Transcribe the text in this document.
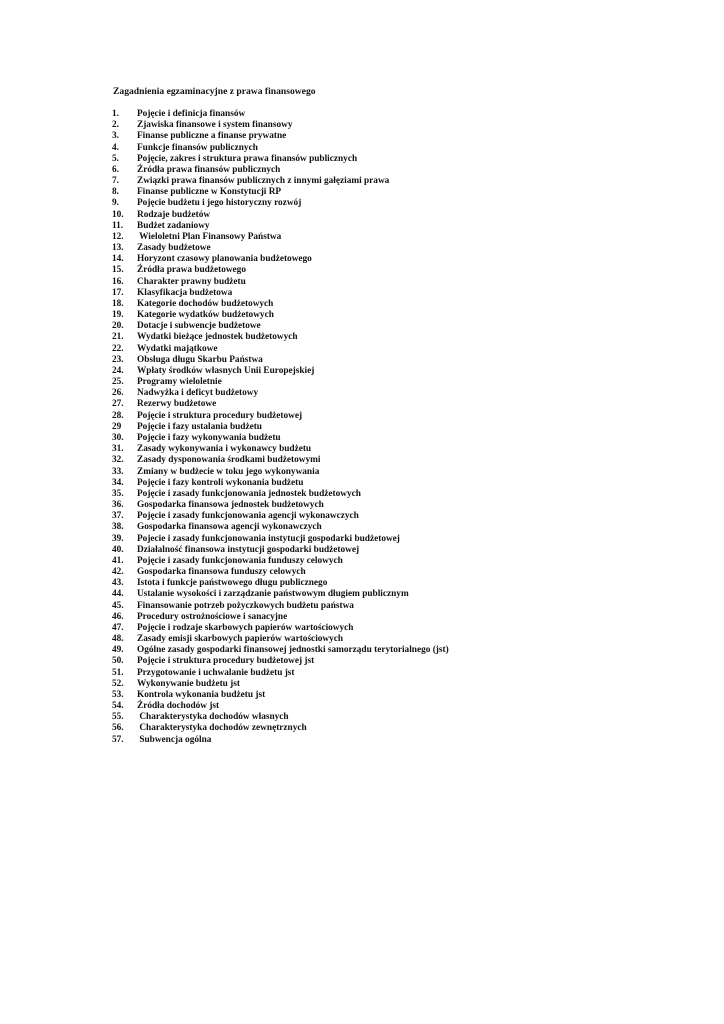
Zagadnienia egzaminacyjne z prawa finansowego
1. Pojęcie i definicja finansów
2. Zjawiska finansowe i system finansowy
3. Finanse publiczne a finanse prywatne
4. Funkcje finansów publicznych
5. Pojęcie, zakres i struktura prawa finansów publicznych
6. Źródła prawa finansów publicznych
7. Związki prawa finansów publicznych z innymi gałęziami prawa
8. Finanse publiczne w Konstytucji RP
9. Pojęcie budżetu i jego historyczny rozwój
10. Rodzaje budżetów
11. Budżet zadaniowy
12. Wieloletni Plan Finansowy Państwa
13. Zasady budżetowe
14. Horyzont czasowy planowania budżetowego
15. Źródła prawa budżetowego
16. Charakter prawny budżetu
17. Klasyfikacja budżetowa
18. Kategorie dochodów budżetowych
19. Kategorie wydatków budżetowych
20. Dotacje i subwencje budżetowe
21. Wydatki bieżące jednostek budżetowych
22. Wydatki majątkowe
23. Obsługa długu Skarbu Państwa
24. Wpłaty środków własnych Unii Europejskiej
25. Programy wieloletnie
26. Nadwyżka i deficyt budżetowy
27. Rezerwy budżetowe
28. Pojęcie i struktura procedury budżetowej
29 Pojęcie i fazy ustalania budżetu
30. Pojęcie i fazy wykonywania budżetu
31. Zasady wykonywania i wykonawcy budżetu
32. Zasady dysponowania środkami budżetowymi
33. Zmiany w budżecie w toku jego wykonywania
34. Pojęcie i fazy kontroli wykonania budżetu
35. Pojęcie i zasady funkcjonowania jednostek budżetowych
36. Gospodarka finansowa jednostek budżetowych
37. Pojęcie i zasady funkcjonowania agencji wykonawczych
38. Gospodarka finansowa agencji wykonawczych
39. Pojecie i zasady funkcjonowania instytucji gospodarki budżetowej
40. Działalność finansowa instytucji gospodarki budżetowej
41. Pojęcie i zasady funkcjonowania funduszy celowych
42. Gospodarka finansowa funduszy celowych
43. Istota i funkcje państwowego długu publicznego
44. Ustalanie wysokości i zarządzanie państwowym długiem publicznym
45. Finansowanie potrzeb pożyczkowych budżetu państwa
46. Procedury ostrożnościowe i sanacyjne
47. Pojęcie i rodzaje skarbowych papierów wartościowych
48. Zasady emisji skarbowych papierów wartościowych
49. Ogólne zasady gospodarki finansowej jednostki samorządu terytorialnego (jst)
50. Pojęcie i struktura procedury budżetowej jst
51. Przygotowanie i uchwalanie budżetu jst
52. Wykonywanie budżetu jst
53. Kontrola wykonania budżetu jst
54. Źródła dochodów jst
55. Charakterystyka dochodów własnych
56. Charakterystyka dochodów zewnętrznych
57. Subwencja ogólna
